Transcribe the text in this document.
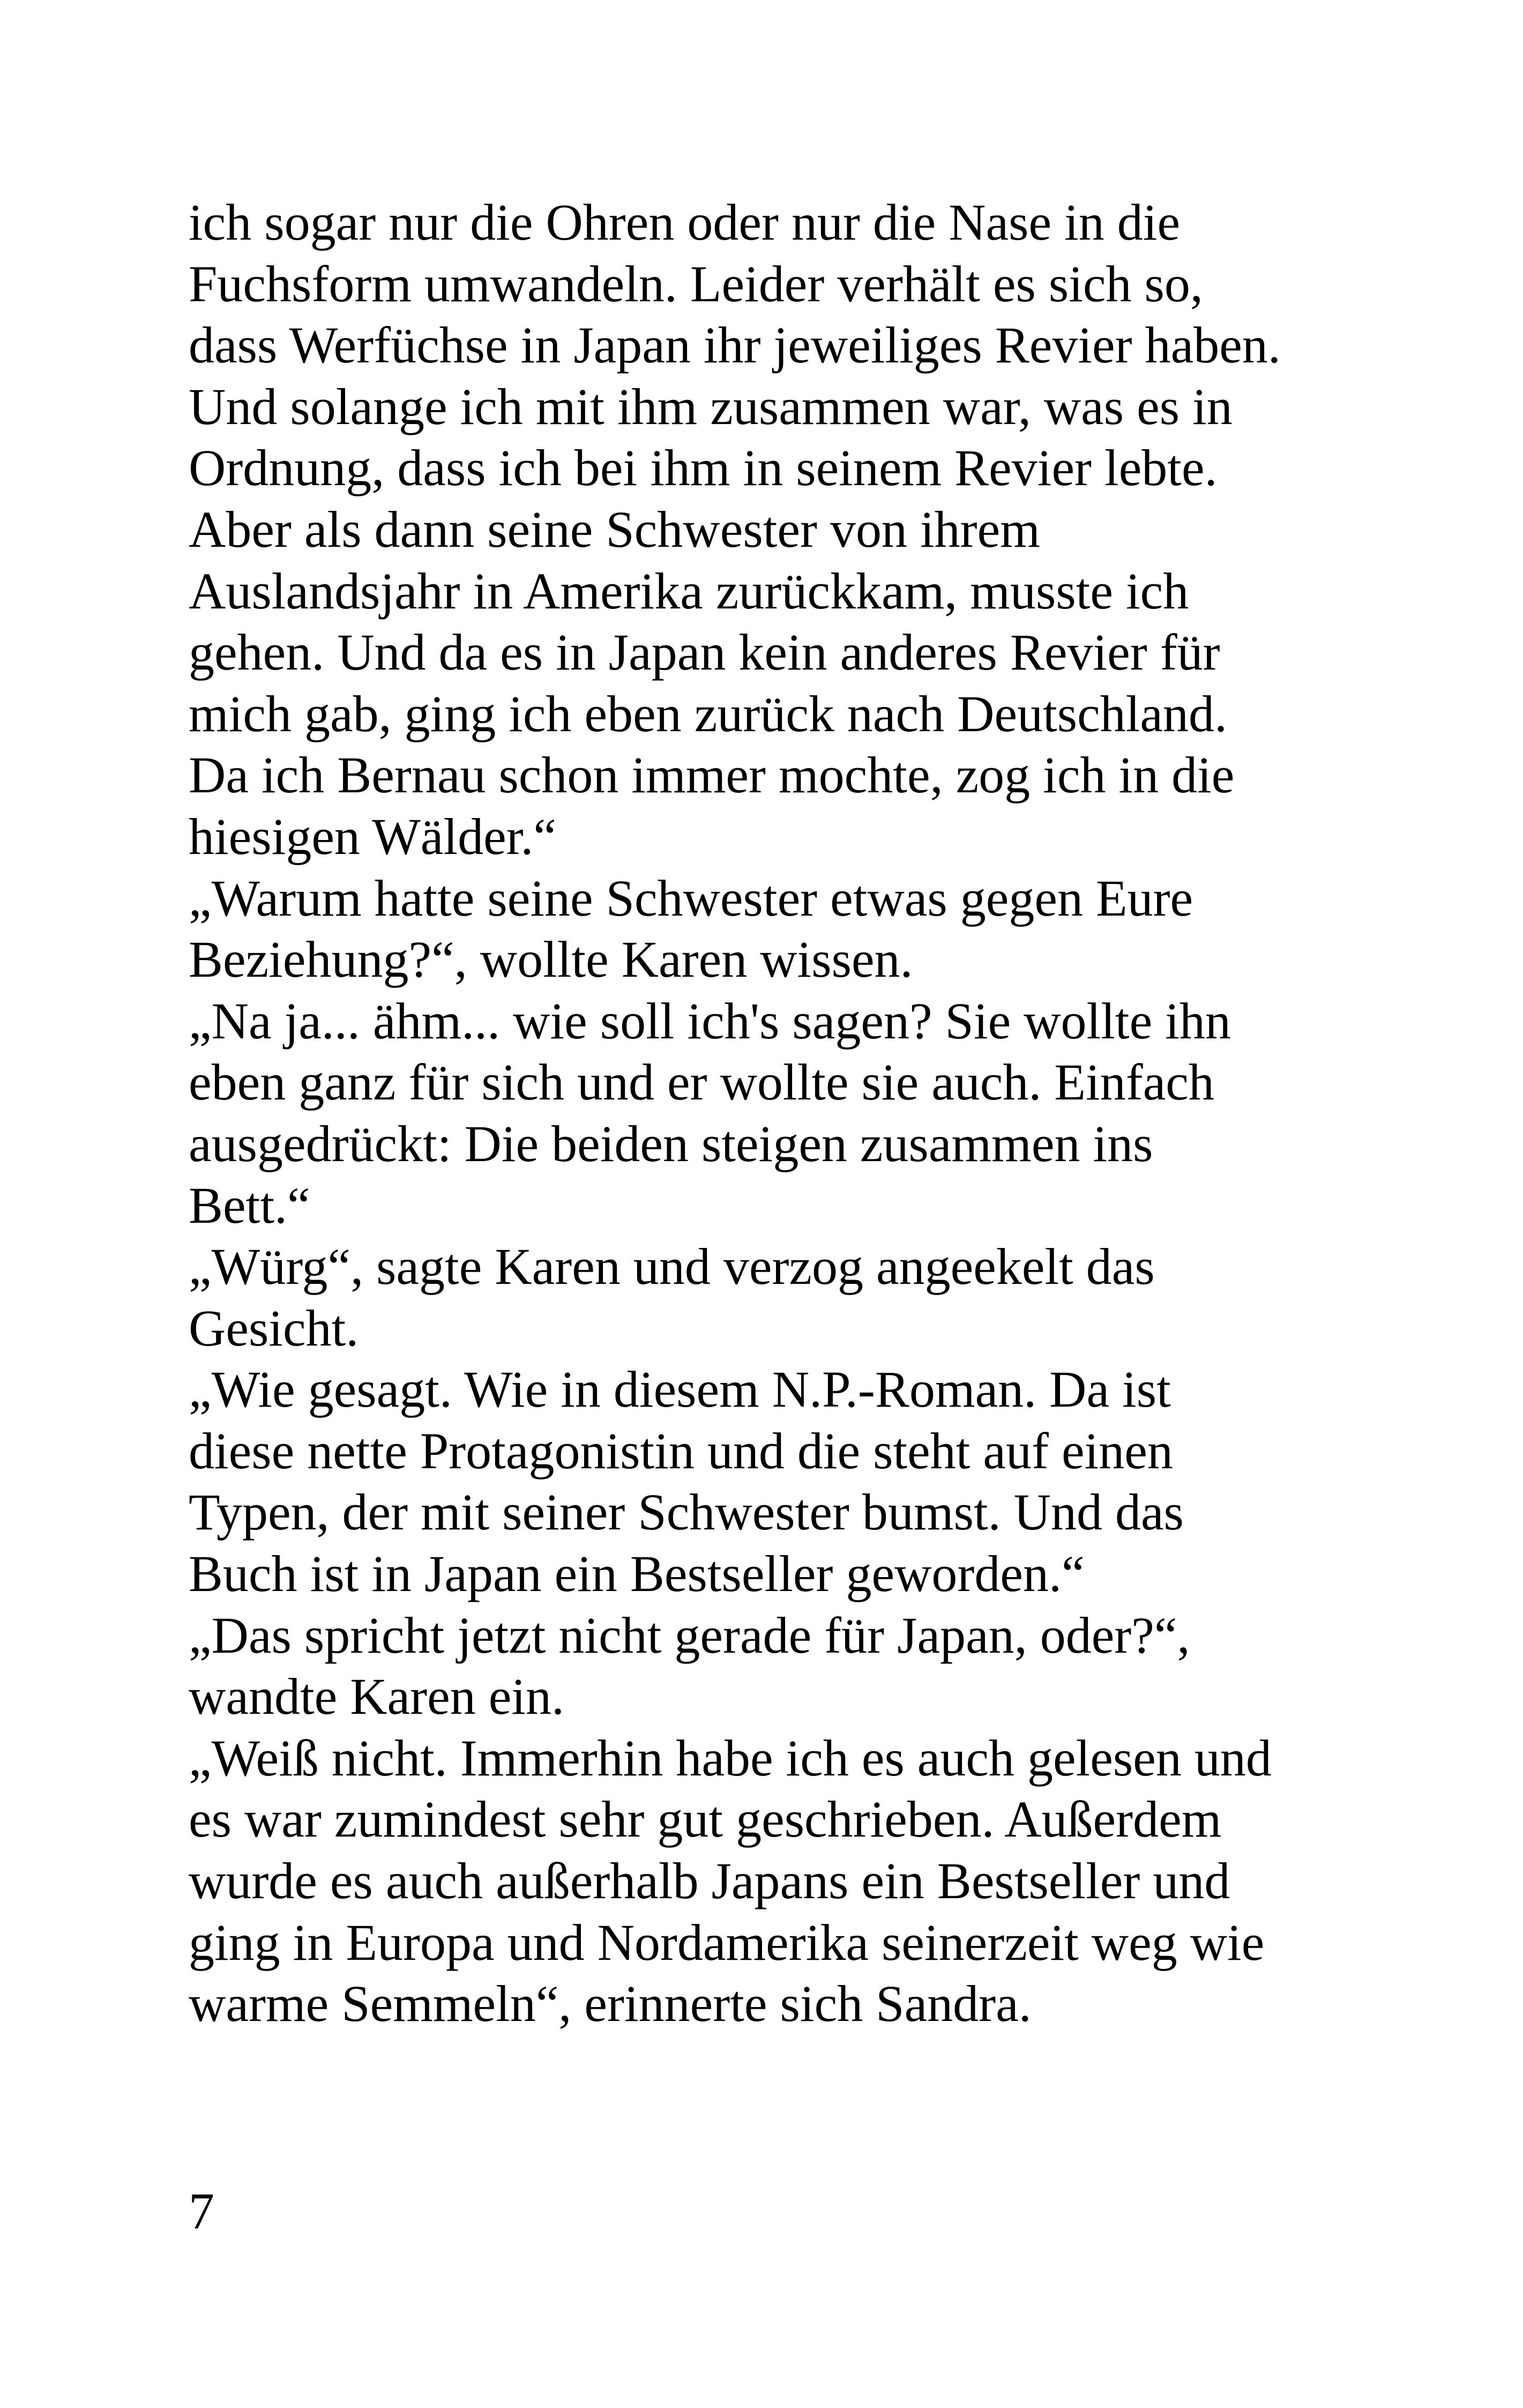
ich sogar nur die Ohren oder nur die Nase in die
Fuchsform umwandeln. Leider verhält es sich so,
dass Werfüchse in Japan ihr jeweiliges Revier haben.
Und solange ich mit ihm zusammen war, was es in
Ordnung, dass ich bei ihm in seinem Revier lebte.
Aber als dann seine Schwester von ihrem
Auslandsjahr in Amerika zurückkam, musste ich
gehen. Und da es in Japan kein anderes Revier für
mich gab, ging ich eben zurück nach Deutschland.
Da ich Bernau schon immer mochte, zog ich in die
hiesigen Wälder.“
„Warum hatte seine Schwester etwas gegen Eure
Beziehung?“, wollte Karen wissen.
„Na ja... ähm... wie soll ich's sagen? Sie wollte ihn
eben ganz für sich und er wollte sie auch. Einfach
ausgedrückt: Die beiden steigen zusammen ins
Bett.“
„Würg“, sagte Karen und verzog angeekelt das
Gesicht.
„Wie gesagt. Wie in diesem N.P.-Roman. Da ist
diese nette Protagonistin und die steht auf einen
Typen, der mit seiner Schwester bumst. Und das
Buch ist in Japan ein Bestseller geworden.“
„Das spricht jetzt nicht gerade für Japan, oder?“,
wandte Karen ein.
„Weiß nicht. Immerhin habe ich es auch gelesen und
es war zumindest sehr gut geschrieben. Außerdem
wurde es auch außerhalb Japans ein Bestseller und
ging in Europa und Nordamerika seinerzeit weg wie
warme Semmeln“, erinnerte sich Sandra.
7
